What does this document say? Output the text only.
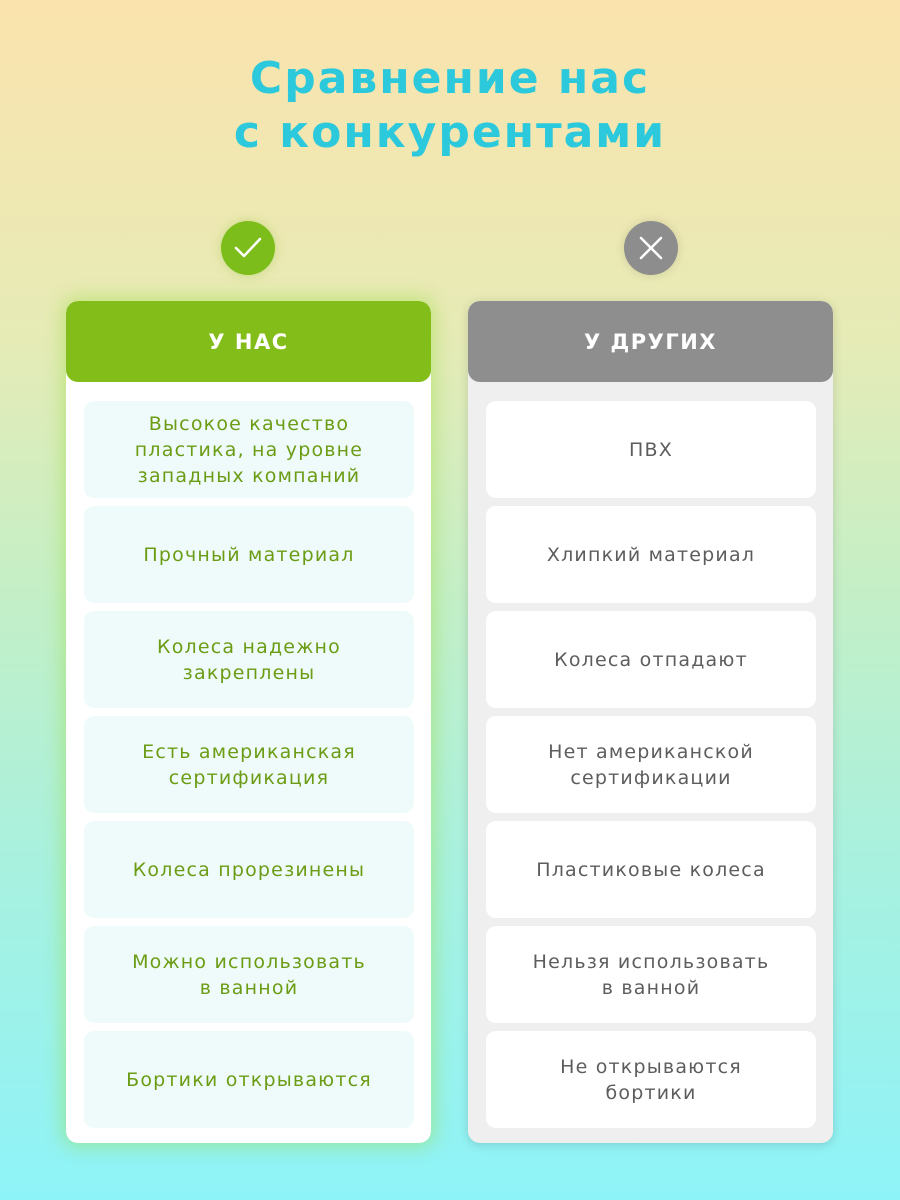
Сравнение нас
с конкурентами
У НАС
Высокое качество
пластика, на уровне
западных компаний
Прочный материал
Колеса надежно
закреплены
Есть американская
сертификация
Колеса прорезинены
Можно использовать
в ванной
Бортики открываются
У ДРУГИХ
ПВХ
Хлипкий материал
Колеса отпадают
Нет американской
сертификации
Пластиковые колеса
Нельзя использовать
в ванной
Не открываются
бортики
